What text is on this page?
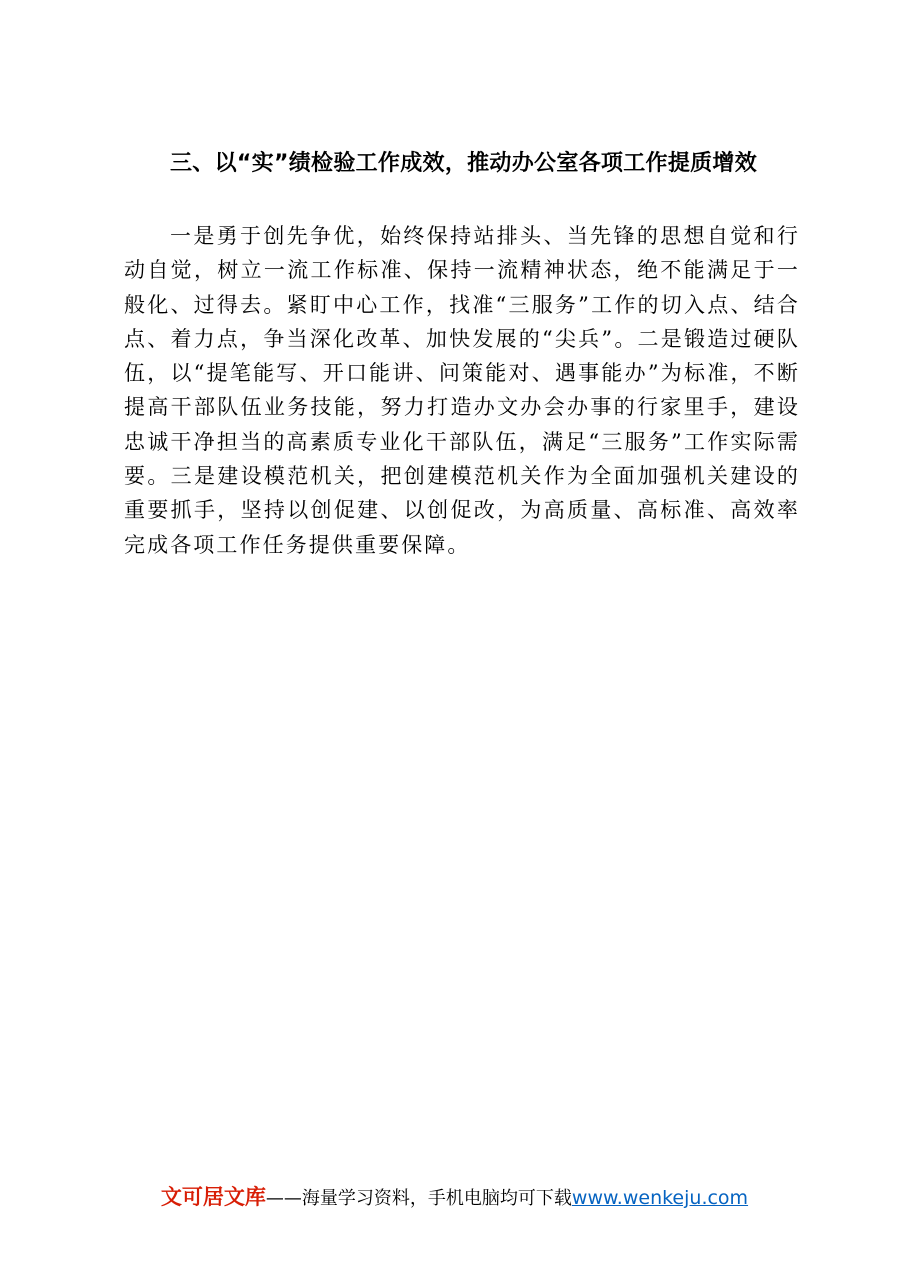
三、以“实”绩检验工作成效，推动办公室各项工作提质增效

一是勇于创先争优，始终保持站排头、当先锋的思想自觉和行动自觉，树立一流工作标准、保持一流精神状态，绝不能满足于一般化、过得去。紧盯中心工作，找准“三服务”工作的切入点、结合点、着力点，争当深化改革、加快发展的“尖兵”。二是锻造过硬队伍，以“提笔能写、开口能讲、问策能对、遇事能办”为标准，不断提高干部队伍业务技能，努力打造办文办会办事的行家里手，建设忠诚干净担当的高素质专业化干部队伍，满足“三服务”工作实际需要。三是建设模范机关，把创建模范机关作为全面加强机关建设的重要抓手，坚持以创促建、以创促改，为高质量、高标准、高效率完成各项工作任务提供重要保障。

文可居文库——海量学习资料，手机电脑均可下载www.wenkeju.com
